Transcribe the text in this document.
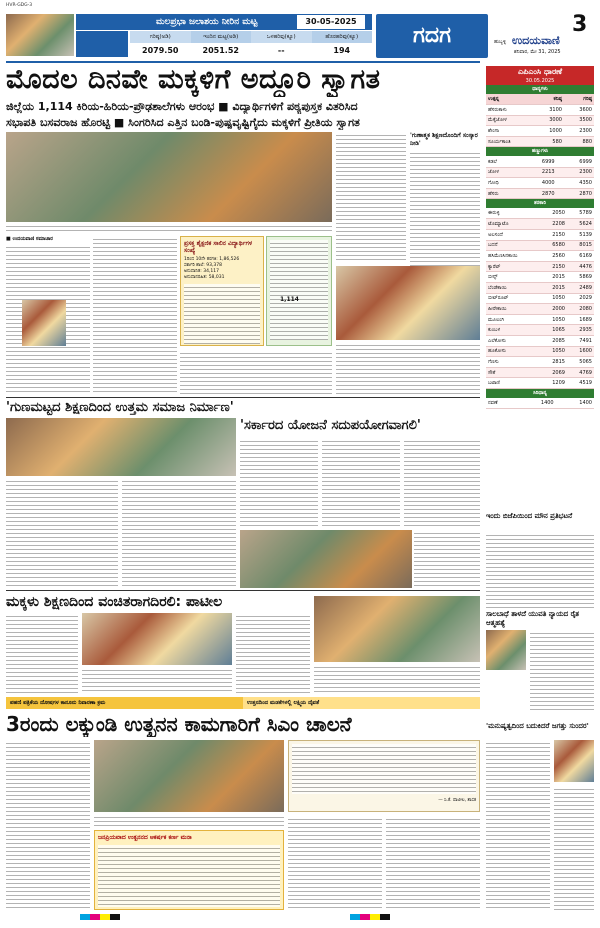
HVR-GDG-3
ಮಲಪ್ರಭಾ ಜಲಾಶಯ ನೀರಿನ ಮಟ್ಟ	30-05-2025
ಗರಿಷ್ಠ(ಅಡಿ)	ಇಂದಿನ ಮಟ್ಟ(ಅಡಿ)	ಒಳಹರಿವು(ಕ್ಯೂ)	ಹೊರಹರಿವು(ಕ್ಯೂ)
2079.50	2051.52	--	194
ಗದಗ	3
ಹುಬ್ಬಳ್ಳಿ ಉದಯವಾಣಿ
ಶನಿವಾರ, ಮೇ 31, 2025
ಮೊದಲ ದಿನವೇ ಮಕ್ಕಳಿಗೆ ಅದ್ದೂರಿ ಸ್ವಾಗತ
ಜಿಲ್ಲೆಯ 1,114 ಕಿರಿಯ-ಹಿರಿಯ-ಪ್ರೌಢಶಾಲೆಗಳು ಆರಂಭ ■ ವಿದ್ಯಾರ್ಥಿಗಳಿಗೆ ಪಠ್ಯಪುಸ್ತಕ ವಿತರಿಸಿದ
ಸಭಾಪತಿ ಬಸವರಾಜ ಹೊರಟ್ಟಿ ■ ಸಿಂಗರಿಸಿದ ಎತ್ತಿನ ಬಂಡಿ-ಪುಷ್ಪವೃಷ್ಟಿಗೈದು ಮಕ್ಕಳಿಗೆ ಪ್ರೀತಿಯ ಸ್ವಾಗತ
■ ಉದಯವಾಣಿ ಸಮಾಚಾರ
ಪ್ರಸಕ್ತ ಶೈಕ್ಷಣಿಕ ಸಾಲಿನ ವಿದ್ಯಾರ್ಥಿಗಳ ಸಂಖ್ಯೆ
1ರಿಂದ 10ನೇ ತರಗತಿ: 1,86,526
ಸರ್ಕಾರಿ ಶಾಲೆ: 93,378
ಅನುದಾನಿತ: 34,117
ಅನುದಾನರಹಿತ: 58,031
1,114
'ಗುಣಾತ್ಮಕ ಶಿಕ್ಷಣದೊಂದಿಗೆ ಸಂಸ್ಕಾರ ನೀಡಿ'
'ಗುಣಮಟ್ಟದ ಶಿಕ್ಷಣದಿಂದ ಉತ್ತಮ ಸಮಾಜ ನಿರ್ಮಾಣ'
'ಸರ್ಕಾರದ ಯೋಜನೆ ಸದುಪಯೋಗವಾಗಲಿ'
ಮಕ್ಕಳು ಶಿಕ್ಷಣದಿಂದ ವಂಚಿತರಾಗದಿರಲಿ: ಪಾಟೀಲ
ಪಹಣಿ ಪತ್ರಿಕೆಯ ದೋಷಗಳ ಕಾನೂನು ನಿವಾರಣಾ ಕ್ರಮ	ಉತ್ತನದಿಂದ ಮಡಕೆಗಳಲ್ಲಿ ಲಕ್ಷ್ಮಿಯ ದೈವತೆ
3ರಂದು ಲಕ್ಕುಂಡಿ ಉತ್ಖನನ ಕಾಮಗಾರಿಗೆ ಸಿಎಂ ಚಾಲನೆ
— ಸಿ.ಕೆ. ಪಾಟೀಲ, ಶಾಸಕ
ಜನಪ್ರಿಯವಾದ ಉತ್ಖನನದ ಆಕರ್ಷಕ ಕರ್ಣ ಮನಾ
ಎಪಿಎಂಸಿ ಧಾರಣೆ
30.05.2025
ಧಾನ್ಯಗಳು
ಉತ್ಪನ್ನ	ಕನಿಷ್ಠ	ಗರಿಷ್ಠ
ಹೆಸರುಕಾಳು	3100	3600
ಮೆಕ್ಕೆಜೋಳ	3000	3500
ಶೇಂಗಾ	1000	2300
ಸೂರ್ಯಕಾಂತಿ	580	880
ಹಣ್ಣುಗಳು
ಕಡಲೆ	6999	6999
ಜೋಳ	2213	2300
ಗೋಧಿ	4000	4350
ಹೆಸರು	2870	2870
ತರಕಾರಿ
ಈರುಳ್ಳಿ	2050	5789
ಟೊಮ್ಯಾಟೊ	2208	5624
ಅಲಸಂದೆ	2150	5139
ಬದನೆ	6580	8015
ಹಸಿಮೆಣಸಿನಕಾಯಿ	2560	6169
ಕ್ಯಾರೆಟ್	2150	4476
ಬೀನ್ಸ್	2015	5869
ಬೆಂಡೆಕಾಯಿ	2015	2489
ಬೀಟ್‌ರೂಟ್	1050	2029
ಹೀರೇಕಾಯಿ	2000	2080
ಮೂಲಂಗಿ	1050	1689
ಕುಂಬಳ	1065	2935
ಎಲೆಕೋಸು	2085	7491
ಹೂಕೋಸು	1050	1600
ಗೆಣಸು	2815	5065
ಸೌತೆ	2069	4769
ಬಟಾಣಿ	1209	4519
ಸಿರಿಧಾನ್ಯ
ನವಣೆ	1400	1400
ಇಂದು ಬಿಜೆಪಿಯಿಂದ ಮೌನ ಪ್ರತಿಭಟನೆ
ಸಾಲಬಾಧೆ ತಾಳದೆ ಯುವತಿ ನ್ಯಾಯದ ರೈತ ಆತ್ಮಹತ್ಯೆ
'ಮನುಷ್ಯತ್ವದಿಂದ ಬದುಕಿದರೆ ಜಗತ್ತು ಸುಂದರ'
